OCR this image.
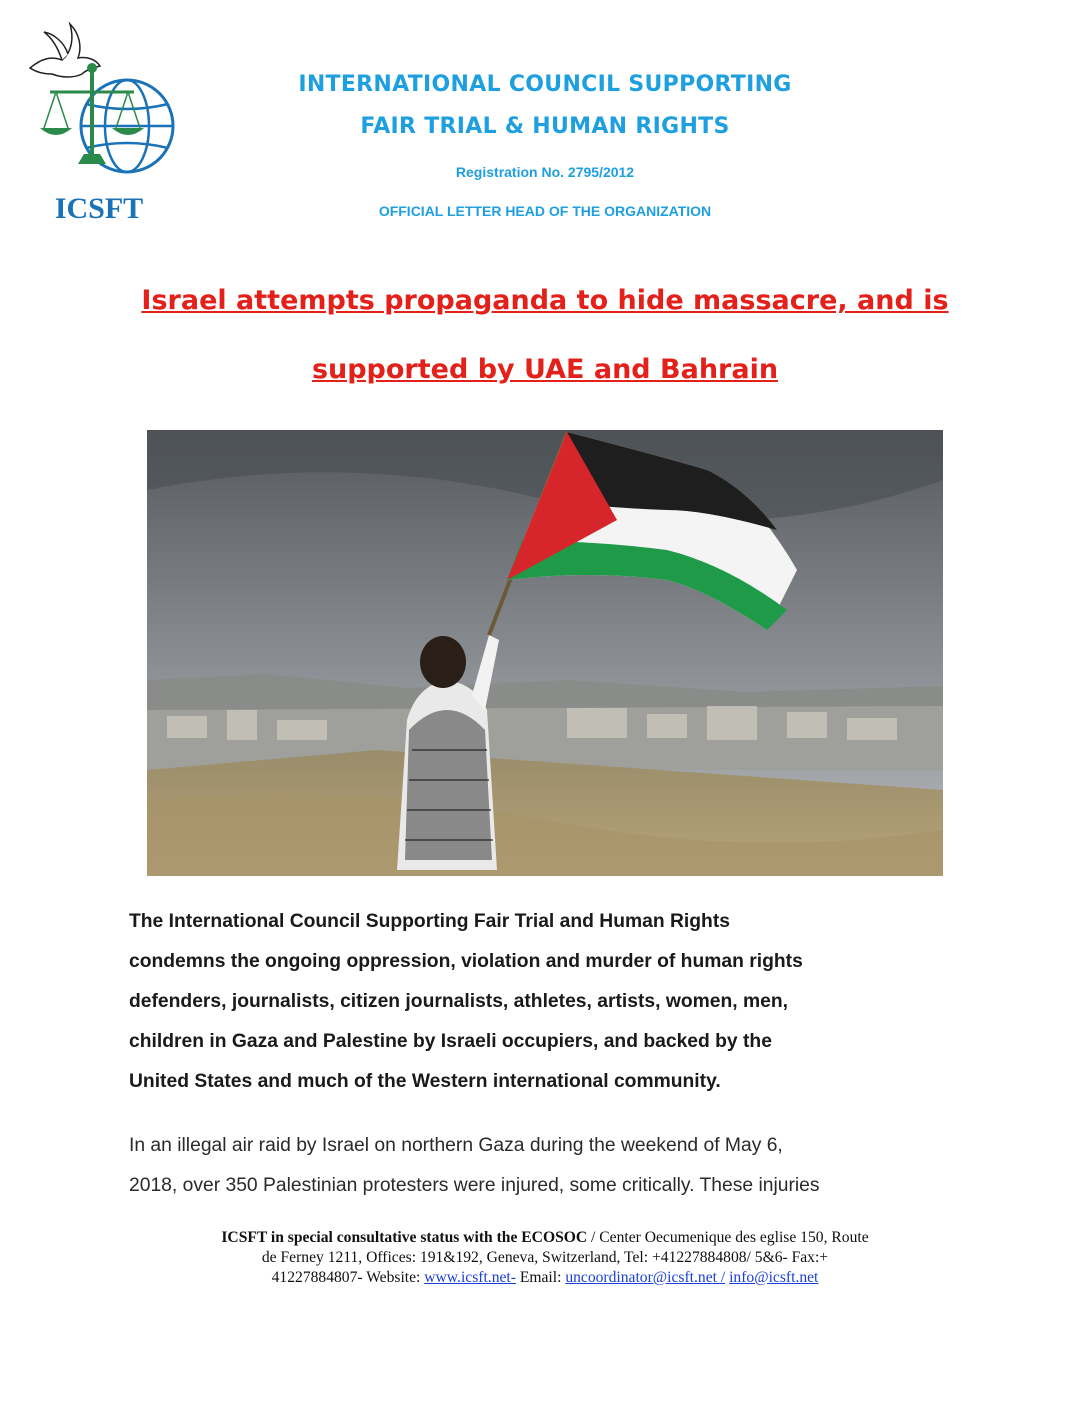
ICSFT
INTERNATIONAL COUNCIL SUPPORTING
FAIR TRIAL & HUMAN RIGHTS
Registration No. 2795/2012
OFFICIAL LETTER HEAD OF THE ORGANIZATION
Israel attempts propaganda to hide massacre, and is
supported by UAE and Bahrain
The International Council Supporting Fair Trial and Human Rights
condemns the ongoing oppression, violation and murder of human rights
defenders, journalists, citizen journalists, athletes, artists, women, men,
children in Gaza and Palestine by Israeli occupiers, and backed by the
United States and much of the Western international community.
In an illegal air raid by Israel on northern Gaza during the weekend of May 6,
2018, over 350 Palestinian protesters were injured, some critically. These injuries
ICSFT in special consultative status with the ECOSOC / Center Oecumenique des eglise 150, Route
de Ferney 1211, Offices: 191&192, Geneva, Switzerland, Tel: +41227884808/ 5&6- Fax:+
41227884807- Website: www.icsft.net- Email: uncoordinator@icsft.net / info@icsft.net
